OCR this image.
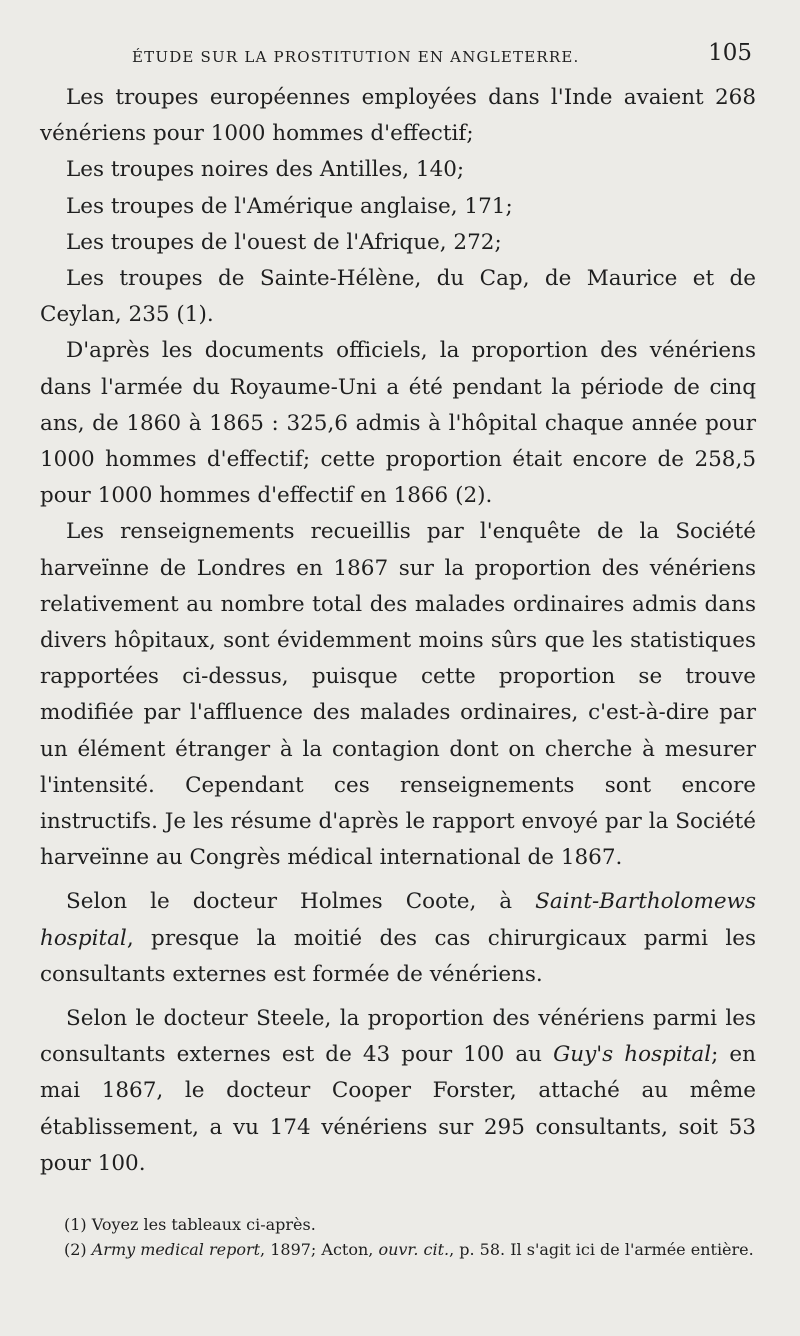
ÉTUDE SUR LA PROSTITUTION EN ANGLETERRE.	105

Les troupes européennes employées dans l'Inde avaient 268 vénériens pour 1000 hommes d'effectif;

Les troupes noires des Antilles, 140;

Les troupes de l'Amérique anglaise, 171;

Les troupes de l'ouest de l'Afrique, 272;

Les troupes de Sainte-Hélène, du Cap, de Maurice et de Ceylan, 235 (1).

D'après les documents officiels, la proportion des vénériens dans l'armée du Royaume-Uni a été pendant la période de cinq ans, de 1860 à 1865 : 325,6 admis à l'hôpital chaque année pour 1000 hommes d'effectif; cette proportion était encore de 258,5 pour 1000 hommes d'effectif en 1866 (2).

Les renseignements recueillis par l'enquête de la Société harveïnne de Londres en 1867 sur la proportion des vénériens relativement au nombre total des malades ordinaires admis dans divers hôpitaux, sont évidemment moins sûrs que les statistiques rapportées ci-dessus, puisque cette proportion se trouve modifiée par l'affluence des malades ordinaires, c'est-à-dire par un élément étranger à la contagion dont on cherche à mesurer l'intensité. Cependant ces renseignements sont encore instructifs. Je les résume d'après le rapport envoyé par la Société harveïnne au Congrès médical international de 1867.

Selon le docteur Holmes Coote, à Saint-Bartholomews hospital, presque la moitié des cas chirurgicaux parmi les consultants externes est formée de vénériens.

Selon le docteur Steele, la proportion des vénériens parmi les consultants externes est de 43 pour 100 au Guy's hospital; en mai 1867, le docteur Cooper Forster, attaché au même établissement, a vu 174 vénériens sur 295 consultants, soit 53 pour 100.

(1) Voyez les tableaux ci-après.

(2) Army medical report, 1897; Acton, ouvr. cit., p. 58. Il s'agit ici de l'armée entière.
